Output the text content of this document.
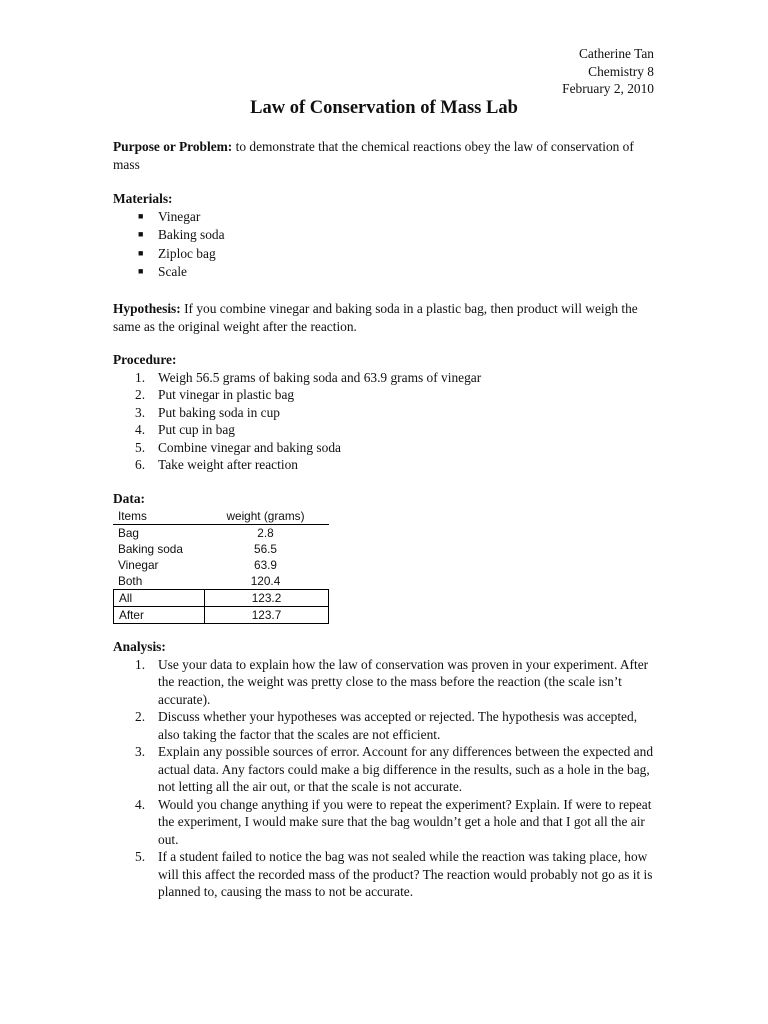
Catherine Tan
Chemistry 8
February 2, 2010
Law of Conservation of Mass Lab
Purpose or Problem: to demonstrate that the chemical reactions obey the law of conservation of mass
Materials:
■ Vinegar
■ Baking soda
■ Ziploc bag
■ Scale
Hypothesis: If you combine vinegar and baking soda in a plastic bag, then product will weigh the same as the original weight after the reaction.
Procedure:
1. Weigh 56.5 grams of baking soda and 63.9 grams of vinegar
2. Put vinegar in plastic bag
3. Put baking soda in cup
4. Put cup in bag
5. Combine vinegar and baking soda
6. Take weight after reaction
Data:
Items	weight (grams)
Bag	2.8
Baking soda	56.5
Vinegar	63.9
Both	120.4
All	123.2
After	123.7
Analysis:
1. Use your data to explain how the law of conservation was proven in your experiment. After the reaction, the weight was pretty close to the mass before the reaction (the scale isn’t accurate).
2. Discuss whether your hypotheses was accepted or rejected. The hypothesis was accepted, also taking the factor that the scales are not efficient.
3. Explain any possible sources of error. Account for any differences between the expected and actual data. Any factors could make a big difference in the results, such as a hole in the bag, not letting all the air out, or that the scale is not accurate.
4. Would you change anything if you were to repeat the experiment? Explain. If were to repeat the experiment, I would make sure that the bag wouldn’t get a hole and that I got all the air out.
5. If a student failed to notice the bag was not sealed while the reaction was taking place, how will this affect the recorded mass of the product? The reaction would probably not go as it is planned to, causing the mass to not be accurate.
